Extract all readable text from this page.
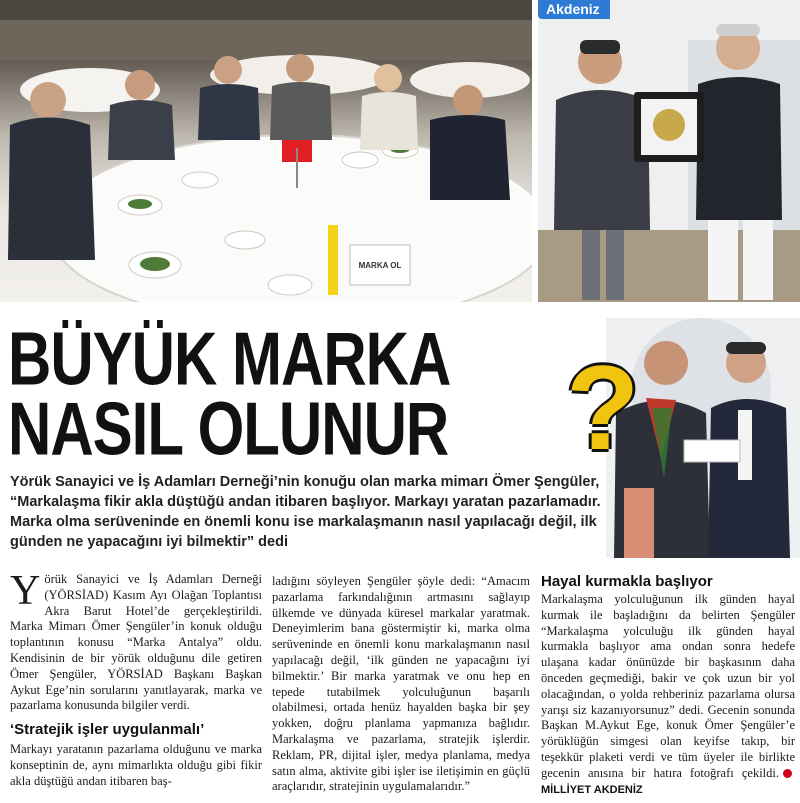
MARKA OL
Akdeniz
BÜYÜK MARKA
NASIL OLUNUR ?
Yörük Sanayici ve İş Adamları Derneği’nin konuğu olan marka mimarı Ömer Şengüler, “Markalaşma fikir akla düştüğü andan itibaren başlıyor. Markayı yaratan pazarlamadır. Marka olma serüveninde en önemli konu ise markalaşmanın nasıl yapılacağı değil, ilk günden ne yapacağını iyi bilmektir” dedi
Y örük Sanayici ve İş Adamları Derneği (YÖRSİAD) Kasım Ayı Olağan Toplantısı Akra Barut Hotel’de gerçekleştirildi. Marka Mimarı Ömer Şengüler’in konuk olduğu toplantının konusu “Marka Antalya” oldu. Kendisinin de bir yörük olduğunu dile getiren Ömer Şengüler, YÖRSİAD Başkanı Başkan Aykut Ege’nin sorularını yanıtlayarak, marka ve pazarlama konusunda bilgiler verdi.

‘Stratejik işler uygulanmalı’

Markayı yaratanın pazarlama olduğunu ve marka konseptinin de, aynı mimarlıkta olduğu gibi fikir akla düştüğü andan itibaren baş-

ladığını söyleyen Şengüler şöyle dedi: “Amacım pazarlama farkındalığının artmasını sağlayıp ülkemde ve dünyada küresel markalar yaratmak. Deneyimlerim bana göstermiştir ki, marka olma serüveninde en önemli konu markalaşmanın nasıl yapılacağı değil, ‘ilk günden ne yapacağını iyi bilmektir.’ Bir marka yaratmak ve onu hep en tepede tutabilmek yolculuğunun başarılı olabilmesi, ortada henüz hayalden başka bir şey yokken, doğru planlama yapmanıza bağlıdır. Markalaşma ve pazarlama, stratejik işlerdir. Reklam, PR, dijital işler, medya planlama, medya satın alma, aktivite gibi işler ise iletişimin en güçlü araçlarıdır, stratejinin uygulamalarıdır.”

Hayal kurmakla başlıyor

Markalaşma yolculuğunun ilk günden hayal kurmak ile başladığını da belirten Şengüler “Markalaşma yolculuğu ilk günden hayal kurmakla başlıyor ama ondan sonra hedefe ulaşana kadar önünüzde bir başkasının daha önceden geçmediği, bakir ve çok uzun bir yol olacağından, o yolda rehberiniz pazarlama olursa yarışı siz kazanıyorsunuz” dedi. Gecenin sonunda Başkan M.Aykut Ege, konuk Ömer Şengüler’e yörüklüğün simgesi olan keyifse takıp, bir teşekkür plaketi verdi ve tüm üyeler ile birlikte gecenin anısına bir hatıra fotoğrafı çekildi.MİLLİYET AKDENİZ
